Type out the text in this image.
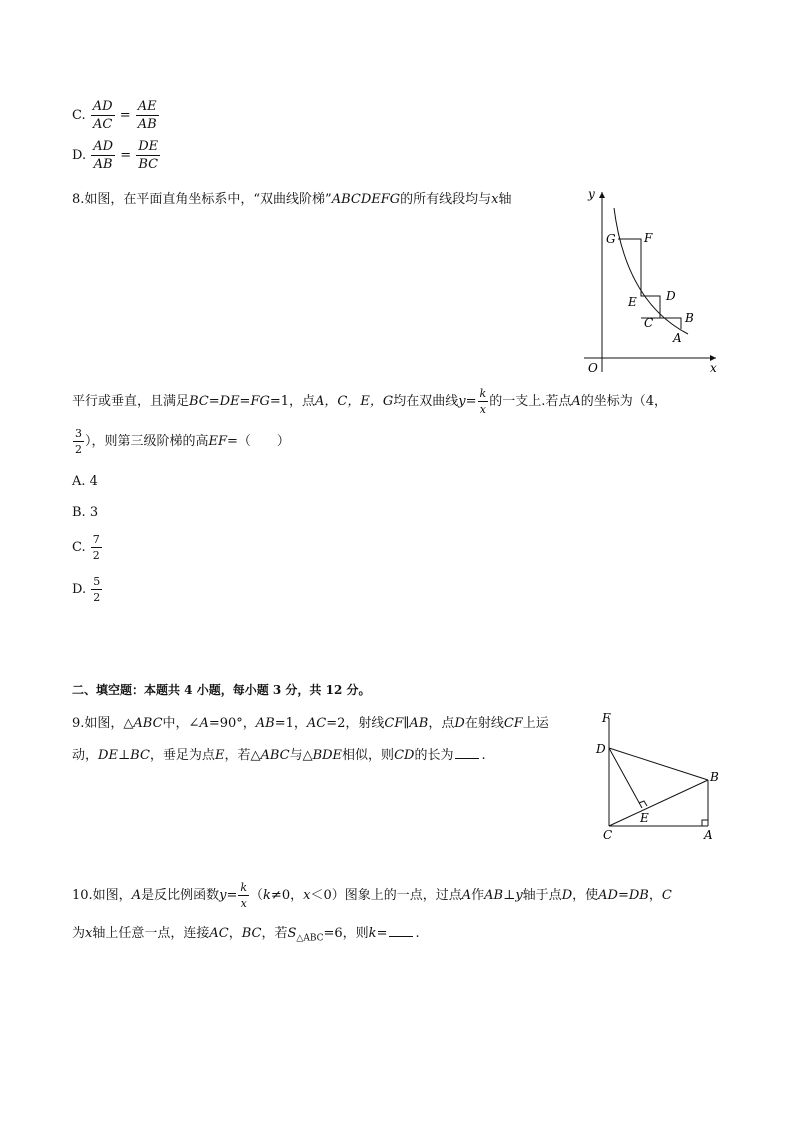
C. $\frac{AD}{AC} = \frac{AE}{AB}$
D. $\frac{AD}{AB} = \frac{DE}{BC}$
8.如图，在平面直角坐标系中，“双曲线阶梯”ABCDEFG的所有线段均与x轴	y
x
O
G F
E D
C	B
A
平行或垂直，且满足BC=DE=FG=1，点A，C，E，G均在双曲线$y= \frac{k}{x}$ 的一支上.若点A的坐标为（4，
$\frac{3}{2}$ ），则第三级阶梯的高EF=（　　）
A. 4
B. 3
C. $\frac{7}{2}$
D. $\frac{5}{2}$
二、填空题：本题共 4 小题，每小题 3 分，共 12 分。
9.如图，△ABC中，∠A=90°，AB=1，AC=2，射线CF∥AB，点D在射线CF上运
动，DE⊥BC，垂足为点E，若△ABC与△BDE相似，则CD的长为 .
F
D
B
E
C	A
10.如图，A是反比例函数$y= \frac{k}{x} (k\ne 0$，x＜0）图象上的一点，过点A作AB⊥y轴于点D，使AD=DB，C
为x轴上任意一点，连接AC，BC，若$S_{\triangle ABC}=6$，则k= .
